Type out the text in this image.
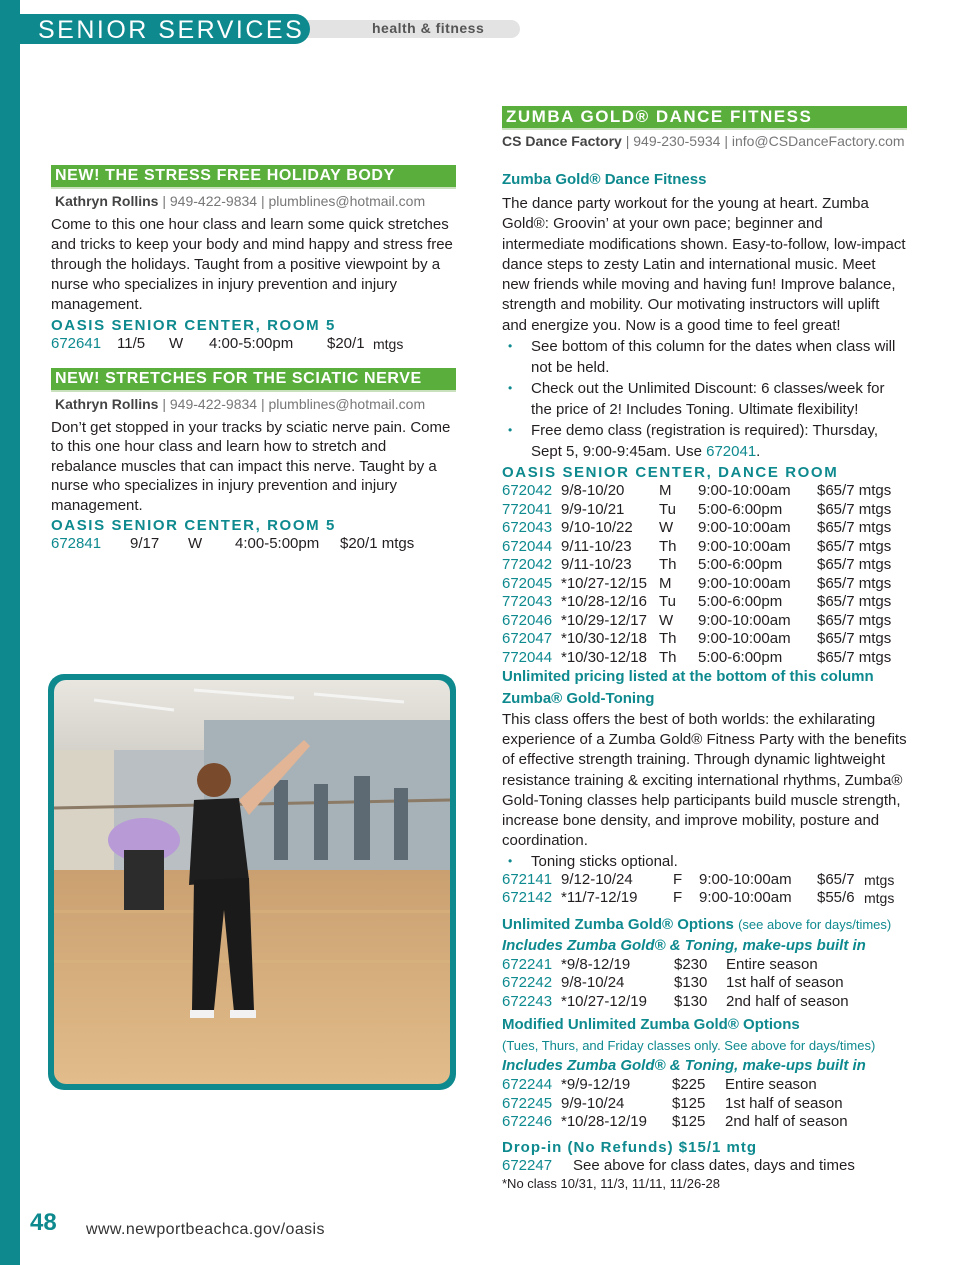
SENIOR SERVICES	health & fitness
NEW! THE STRESS FREE HOLIDAY BODY
Kathryn Rollins | 949-422-9834 | plumblines@hotmail.com

Come to this one hour class and learn some quick stretches and tricks to keep your body and mind happy and stress free through the holidays. Taught from a positive viewpoint by a nurse who specializes in injury prevention and injury management.

OASIS SENIOR CENTER, ROOM 5
672641	11/5	W	4:00-5:00pm	$20/1 mtgs
NEW! STRETCHES FOR THE SCIATIC NERVE
Kathryn Rollins | 949-422-9834 | plumblines@hotmail.com

Don’t get stopped in your tracks by sciatic nerve pain. Come to this one hour class and learn how to stretch and rebalance muscles that can impact this nerve. Taught by a nurse who specializes in injury prevention and injury management.

OASIS SENIOR CENTER, ROOM 5
672841	9/17	W	4:00-5:00pm	$20/1 mtgs
ZUMBA GOLD® DANCE FITNESS
CS Dance Factory | 949-230-5934 | info@CSDanceFactory.com
Zumba Gold® Dance Fitness

The dance party workout for the young at heart. Zumba Gold®: Groovin’ at your own pace; beginner and intermediate modifications shown. Easy-to-follow, low-impact dance steps to zesty Latin and international music. Meet new friends while moving and having fun! Improve balance, strength and mobility. Our motivating instructors will uplift and energize you. Now is a good time to feel great!

• See bottom of this column for the dates when class will not be held.
• Check out the Unlimited Discount: 6 classes/week for the price of 2! Includes Toning. Ultimate flexibility!
• Free demo class (registration is required): Thursday, Sept 5, 9:00-9:45am. Use 672041.
OASIS SENIOR CENTER, DANCE ROOM
672042 9/8-10/20	M	9:00-10:00am	$65/7 mtgs
772041 9/9-10/21	Tu	5:00-6:00pm	$65/7 mtgs
672043 9/10-10/22	W	9:00-10:00am	$65/7 mtgs
672044 9/11-10/23	Th	9:00-10:00am	$65/7 mtgs
772042 9/11-10/23	Th	5:00-6:00pm	$65/7 mtgs
672045 *10/27-12/15 M	9:00-10:00am	$65/7 mtgs
772043 *10/28-12/16 Tu	5:00-6:00pm	$65/7 mtgs
672046 *10/29-12/17 W	9:00-10:00am	$65/7 mtgs
672047 *10/30-12/18 Th	9:00-10:00am	$65/7 mtgs
772044 *10/30-12/18 Th	5:00-6:00pm	$65/7 mtgs
Unlimited pricing listed at the bottom of this column
Zumba® Gold-Toning

This class offers the best of both worlds: the exhilarating experience of a Zumba Gold® Fitness Party with the benefits of effective strength training. Through dynamic lightweight resistance training & exciting international rhythms, Zumba® Gold-Toning classes help participants build muscle strength, increase bone density, and improve mobility, posture and coordination.

• Toning sticks optional.
672141 9/12-10/24	F	9:00-10:00am	$65/7 mtgs
672142 *11/7-12/19	F	9:00-10:00am	$55/6 mtgs
Unlimited Zumba Gold® Options (see above for days/times)
Includes Zumba Gold® & Toning, make-ups built in
672241 *9/8-12/19	$230	Entire season
672242 9/8-10/24	$130	1st half of season
672243 *10/27-12/19	$130	2nd half of season
Modified Unlimited Zumba Gold® Options
(Tues, Thurs, and Friday classes only. See above for days/times)
Includes Zumba Gold® & Toning, make-ups built in
672244 *9/9-12/19	$225	Entire season
672245 9/9-10/24	$125	1st half of season
672246 *10/28-12/19	$125	2nd half of season
Drop-in (No Refunds) $15/1 mtg
672247	See above for class dates, days and times
*No class 10/31, 11/3, 11/11, 11/26-28
48 www.newportbeachca.gov/oasis
